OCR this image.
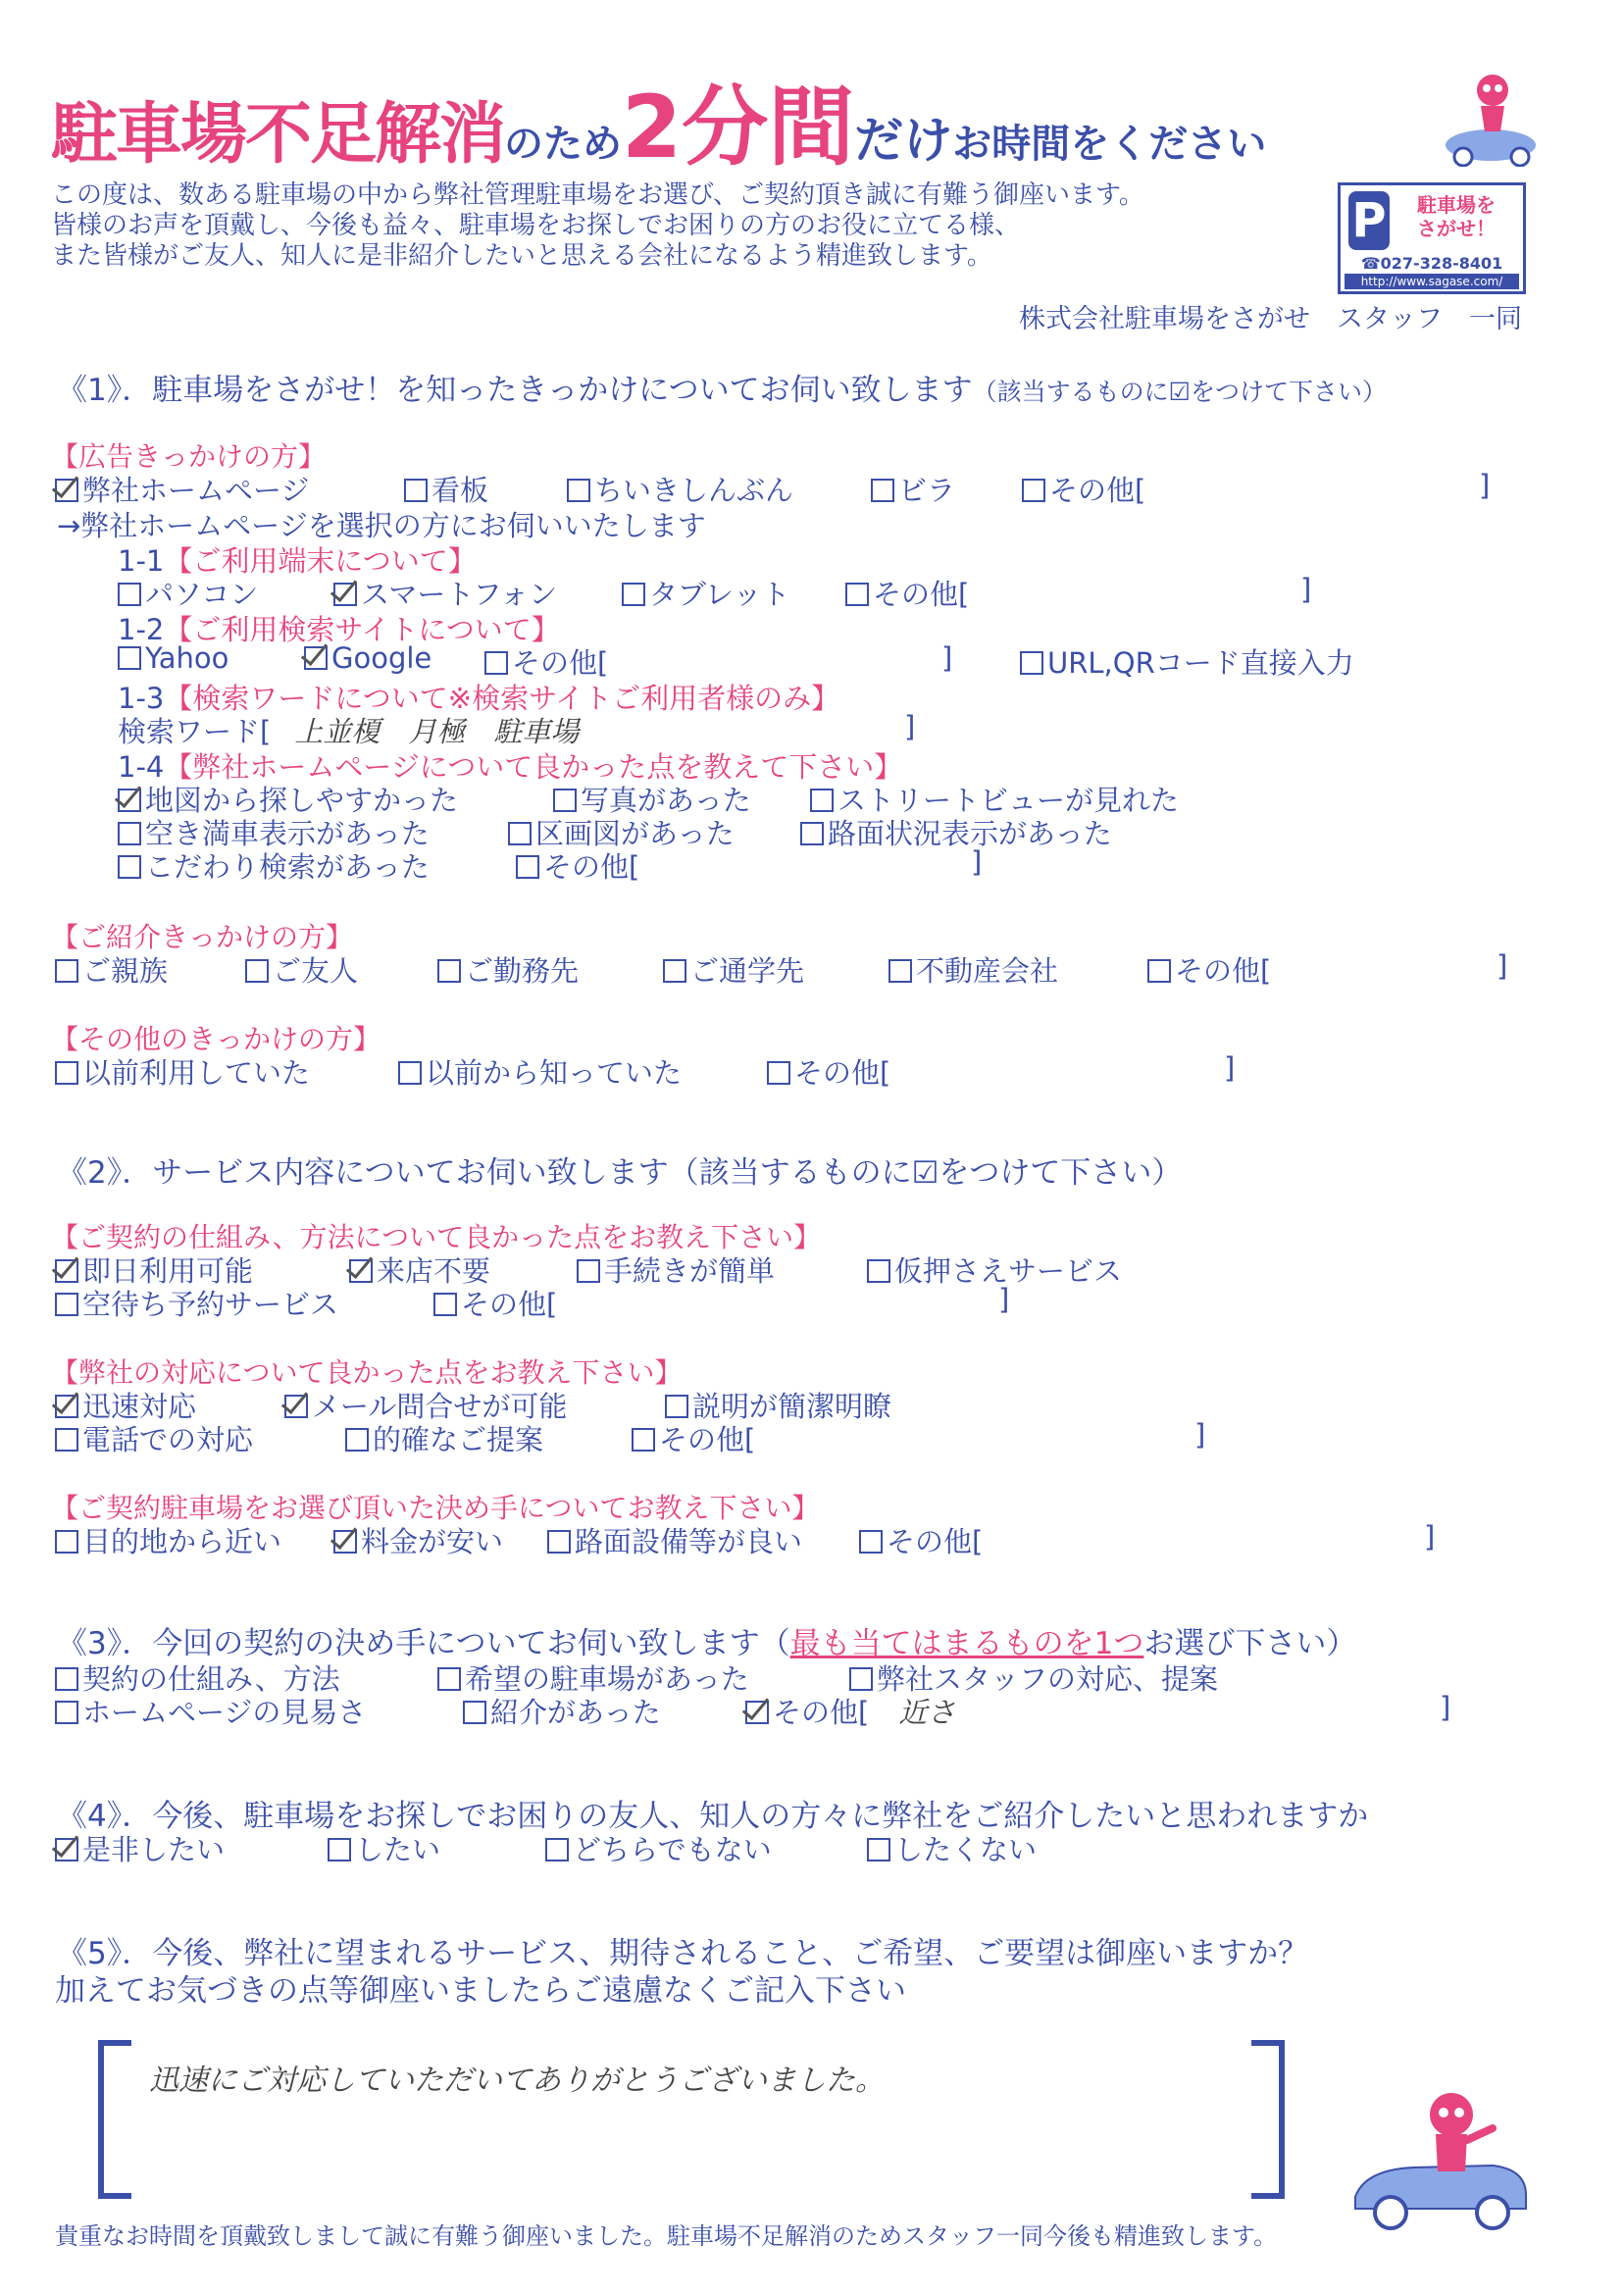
駐車場不足解消のため2分間だけお時間をください
この度は、数ある駐車場の中から弊社管理駐車場をお選び、ご契約頂き誠に有難う御座います。
皆様のお声を頂戴し、今後も益々、駐車場をお探しでお困りの方のお役に立てる様、
また皆様がご友人、知人に是非紹介したいと思える会社になるよう精進致します。
P	駐車場を
さがせ！
☎027-328-8401
http://www.sagase.com/
株式会社駐車場をさがせ　スタッフ　一同
《1》．駐車場をさがせ！を知ったきっかけについてお伺い致します（該当するものに☑をつけて下さい）
【広告きっかけの方】
弊社ホームページ	看板	ちいきしんぶん	ビラ	その他[	]
→弊社ホームページを選択の方にお伺いいたします
1-1【ご利用端末について】
パソコン	スマートフォン	タブレット	その他[	]
1-2【ご利用検索サイトについて】
Yahoo	Google	その他[	]	URL,QRコード直接入力
1-3【検索ワードについて※検索サイトご利用者様のみ】
検索ワード[ 上並榎　月極　駐車場	]
1-4【弊社ホームページについて良かった点を教えて下さい】
地図から探しやすかった	写真があった	ストリートビューが見れた
空き満車表示があった	区画図があった	路面状況表示があった
こだわり検索があった	その他[	]
【ご紹介きっかけの方】
ご親族	ご友人	ご勤務先	ご通学先	不動産会社	その他[	]
【その他のきっかけの方】
以前利用していた	以前から知っていた	その他[	]
《2》．サービス内容についてお伺い致します（該当するものに☑をつけて下さい）
【ご契約の仕組み、方法について良かった点をお教え下さい】
即日利用可能	来店不要	手続きが簡単	仮押さえサービス
空待ち予約サービス	その他[	]
【弊社の対応について良かった点をお教え下さい】
迅速対応	メール問合せが可能	説明が簡潔明瞭
電話での対応	的確なご提案	その他[	]
【ご契約駐車場をお選び頂いた決め手についてお教え下さい】
目的地から近い	料金が安い	路面設備等が良い	その他[	]
《3》．今回の契約の決め手についてお伺い致します（最も当てはまるものを1つお選び下さい）
契約の仕組み、方法	希望の駐車場があった	弊社スタッフの対応、提案
ホームページの見易さ	紹介があった	その他[ 近さ	]
《4》．今後、駐車場をお探しでお困りの友人、知人の方々に弊社をご紹介したいと思われますか
是非したい	したい	どちらでもない	したくない
《5》．今後、弊社に望まれるサービス、期待されること、ご希望、ご要望は御座いますか？
加えてお気づきの点等御座いましたらご遠慮なくご記入下さい
迅速にご対応していただいてありがとうございました。
貴重なお時間を頂戴致しまして誠に有難う御座いました。駐車場不足解消のためスタッフ一同今後も精進致します。
